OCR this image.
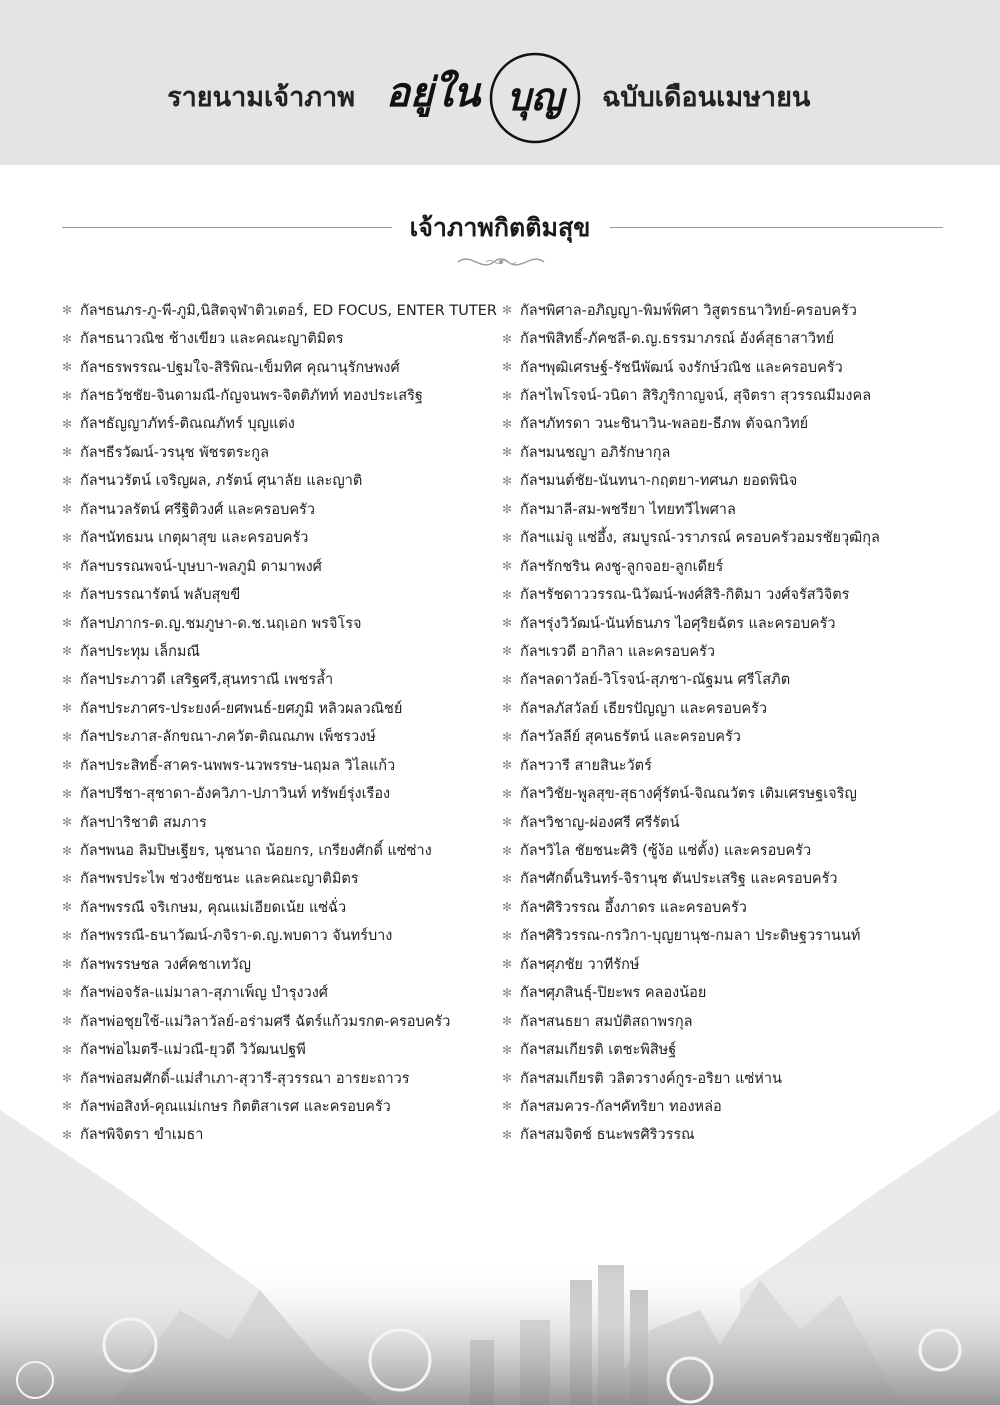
รายนามเจ้าภาพ อยู่ใน บุญ ฉบับเดือนเมษายน
เจ้าภาพกิตติมสุข
✻ กัลฯธนภร-ภู-พี-ภูมิ,นิสิตจุฬาติวเตอร์, ED FOCUS, ENTER TUTER
✻ กัลฯธนาวณิช ช้างเขียว และคณะญาติมิตร
✻ กัลฯธรพรรณ-ปฐมใจ-สิริพิณ-เข็มทิศ คุณานุรักษพงศ์
✻ กัลฯธวัชชัย-จินดามณี-กัญจนพร-จิตติภัทท์ ทองประเสริฐ
✻ กัลฯธัญญาภัทร์-ติณณภัทร์ บุญแต่ง
✻ กัลฯธีรวัฒน์-วรนุช พัชรตระกูล
✻ กัลฯนวรัตน์ เจริญผล, ภรัตน์ ศุนาลัย และญาติ
✻ กัลฯนวลรัตน์ ศรีฐิติวงศ์ และครอบครัว
✻ กัลฯนัทธมน เกตุผาสุข และครอบครัว
✻ กัลฯบรรณพจน์-บุษบา-พลภูมิ ดามาพงศ์
✻ กัลฯบรรณารัตน์ พลับสุขขี
✻ กัลฯปภากร-ด.ญ.ชมภูษา-ด.ช.นฤเอก พรจิโรจ
✻ กัลฯประทุม เล็กมณี
✻ กัลฯประภาวดี เสริฐศรี,สุนทราณี เพชรล้ำ
✻ กัลฯประภาศร-ประยงค์-ยศพนธ์-ยศภูมิ หลิวผลวณิชย์
✻ กัลฯประภาส-ลักขณา-ภควัต-ติณณภพ เพ็ชรวงษ์
✻ กัลฯประสิทธิ์-สาคร-นพพร-นวพรรษ-นฤมล วิไลแก้ว
✻ กัลฯปรีชา-สุชาดา-อังควิภา-ปภาวินท์ ทรัพย์รุ่งเรือง
✻ กัลฯปาริชาติ สมภาร
✻ กัลฯพนอ ลิมปิษเฐียร, นุชนาถ น้อยกร, เกรียงศักดิ์ แซ่ซ่าง
✻ กัลฯพรประไพ ช่วงชัยชนะ และคณะญาติมิตร
✻ กัลฯพรรณี จริเกษม, คุณแม่เอียดเน้ย แซ่ฉั่ว
✻ กัลฯพรรณี-ธนาวัฒน์-ภจิรา-ด.ญ.พบดาว จันทร์บาง
✻ กัลฯพรรษชล วงศ์คชาเทวัญ
✻ กัลฯพ่อจรัล-แม่มาลา-สุภาเพ็ญ บำรุงวงศ์
✻ กัลฯพ่อชุยใช้-แม่วิลาวัลย์-อร่ามศรี ฉัตร์แก้วมรกต-ครอบครัว
✻ กัลฯพ่อไมตรี-แม่วณี-ยุวดี วิวัฒนปฐพี
✻ กัลฯพ่อสมศักดิ์-แม่สำเภา-สุวารี-สุวรรณา อารยะถาวร
✻ กัลฯพ่อสิงห์-คุณแม่เกษร กิตติสาเรศ และครอบครัว
✻ กัลฯพิจิตรา ขำเมธา
✻ กัลฯพิศาล-อภิญญา-พิมพ์พิศา วิสูตรธนาวิทย์-ครอบครัว
✻ กัลฯพิสิทธิ์-ภัคชลี-ด.ญ.ธรรมาภรณ์ อังค์สุธาสาวิทย์
✻ กัลฯพุฒิเศรษฐ์-รัชนีพัฒน์ จงรักษ์วณิช และครอบครัว
✻ กัลฯไพโรจน์-วนิดา สิริภูริกาญจน์, สุจิตรา สุวรรณมีมงคล
✻ กัลฯภัทรดา วนะชินาวิน-พลอย-ธีภพ ตัจฉกวิทย์
✻ กัลฯมนชญา อภิรักษากุล
✻ กัลฯมนต์ชัย-นันทนา-กฤตยา-ทศนภ ยอดพินิจ
✻ กัลฯมาลี-สม-พชรียา ไทยทวีไพศาล
✻ กัลฯแม่จู แซ่อึ้ง, สมบูรณ์-วราภรณ์ ครอบครัวอมรชัยวุฒิกุล
✻ กัลฯรักชริน คงชู-ลูกจอย-ลูกเดียร์
✻ กัลฯรัชดาววรรณ-นิวัฒน์-พงศ์สิริ-กิติมา วงศ์จรัสวิจิตร
✻ กัลฯรุ่งวิวัฒน์-นันท์ธนภร ไอศุริยฉัตร และครอบครัว
✻ กัลฯเรวดี อากิลา และครอบครัว
✻ กัลฯลดาวัลย์-วิโรจน์-สุภชา-ณัฐมน ศรีโสภิต
✻ กัลฯลภัสวัลย์ เธียรปัญญา และครอบครัว
✻ กัลฯวัลลีย์ สุคนธรัตน์ และครอบครัว
✻ กัลฯวารี สายสินะวัตร์
✻ กัลฯวิชัย-พูลสุข-สุธางศุ์รัตน์-จิณณวัตร เติมเศรษฐเจริญ
✻ กัลฯวิชาญ-ผ่องศรี ศรีรัตน์
✻ กัลฯวิไล ชัยชนะศิริ (ซู้ง้อ แซ่ตั้ง) และครอบครัว
✻ กัลฯศักดิ์นรินทร์-จิรานุช ตันประเสริฐ และครอบครัว
✻ กัลฯศิริวรรณ อึ้งภาดร และครอบครัว
✻ กัลฯศิริวรรณ-กรวิกา-บุญยานุช-กมลา ประดิษฐวรานนท์
✻ กัลฯศุภชัย วาทีรักษ์
✻ กัลฯศุภสินธุ์-ปิยะพร คลองน้อย
✻ กัลฯสนธยา สมบัติสถาพรกุล
✻ กัลฯสมเกียรติ เตชะพิสิษฐ์
✻ กัลฯสมเกียรติ วลิตวรางค์กูร-อริยา แซ่ห่าน
✻ กัลฯสมควร-กัลฯคัทริยา ทองหล่อ
✻ กัลฯสมจิตช์ ธนะพรศิริวรรณ
